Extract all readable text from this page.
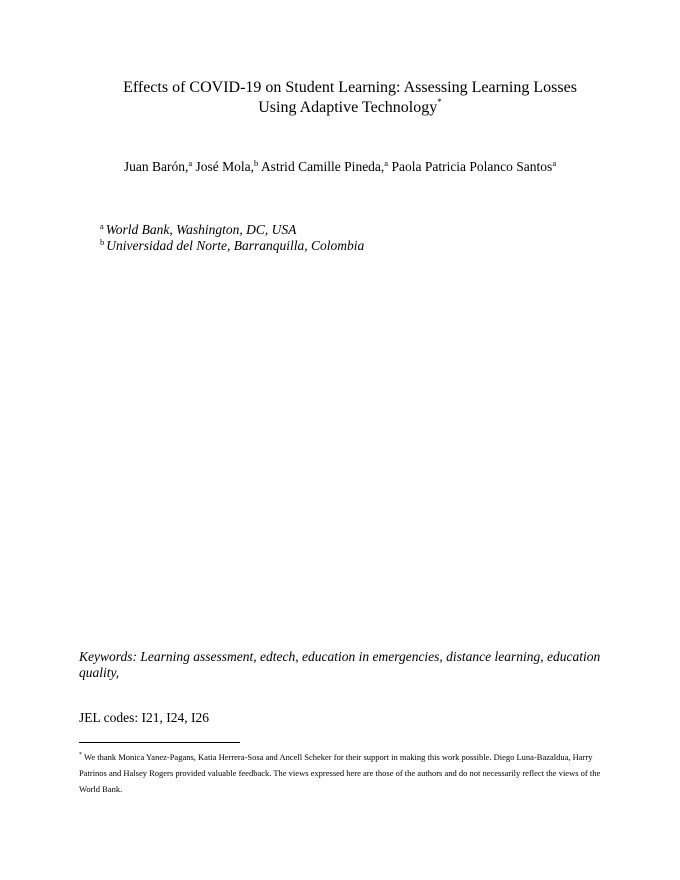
Effects of COVID-19 on Student Learning: Assessing Learning Losses
Using Adaptive Technology*
Juan Barón,$^a$ José Mola,$^b$ Astrid Camille Pineda,$^a$ Paola Patricia Polanco Santos$^a$
$^a$ World Bank, Washington, DC, USA
$^b$ Universidad del Norte, Barranquilla, Colombia
Keywords: Learning assessment, edtech, education in emergencies, distance learning, education quality,
JEL codes: I21, I24, I26
* We thank Monica Yanez-Pagans, Katia Herrera-Sosa and Ancell Scheker for their support in making this work possible. Diego Luna-Bazaldua, Harry Patrinos and Halsey Rogers provided valuable feedback. The views expressed here are those of the authors and do not necessarily reflect the views of the World Bank.
